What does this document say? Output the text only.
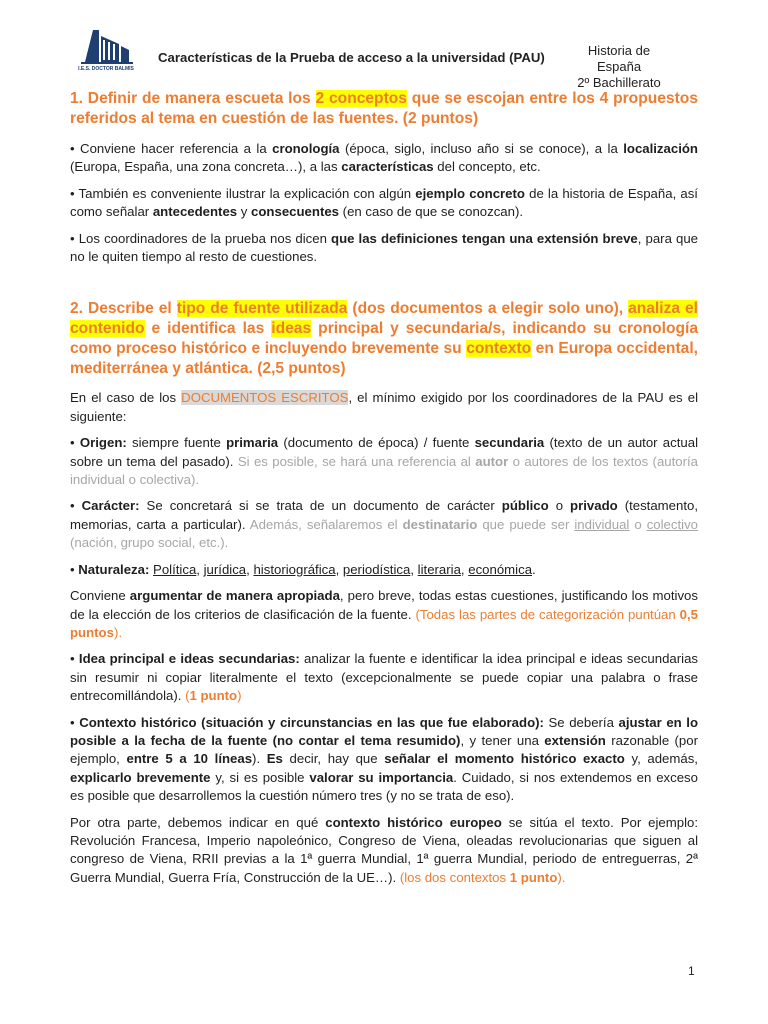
I.E.S. DOCTOR BALMIS
Características de la Prueba de acceso a la universidad (PAU)	Historia de España
2º Bachillerato
1. Definir de manera escueta los 2 conceptos que se escojan entre los 4 propuestos referidos al tema en cuestión de las fuentes. (2 puntos)
• Conviene hacer referencia a la cronología (época, siglo, incluso año si se conoce), a la localización (Europa, España, una zona concreta…), a las características del concepto, etc.
• También es conveniente ilustrar la explicación con algún ejemplo concreto de la historia de España, así como señalar antecedentes y consecuentes (en caso de que se conozcan).
• Los coordinadores de la prueba nos dicen que las definiciones tengan una extensión breve, para que no le quiten tiempo al resto de cuestiones.
2. Describe el tipo de fuente utilizada (dos documentos a elegir solo uno), analiza el contenido e identifica las ideas principal y secundaria/s, indicando su cronología como proceso histórico e incluyendo brevemente su contexto en Europa occidental, mediterránea y atlántica. (2,5 puntos)
En el caso de los DOCUMENTOS ESCRITOS, el mínimo exigido por los coordinadores de la PAU es el siguiente:
• Origen: siempre fuente primaria (documento de época) / fuente secundaria (texto de un autor actual sobre un tema del pasado). Si es posible, se hará una referencia al autor o autores de los textos (autoría individual o colectiva).
• Carácter: Se concretará si se trata de un documento de carácter público o privado (testamento, memorias, carta a particular). Además, señalaremos el destinatario que puede ser individual o colectivo (nación, grupo social, etc.).
• Naturaleza: Política, jurídica, historiográfica, periodística, literaria, económica.
Conviene argumentar de manera apropiada, pero breve, todas estas cuestiones, justificando los motivos de la elección de los criterios de clasificación de la fuente. (Todas las partes de categorización puntúan 0,5 puntos).
• Idea principal e ideas secundarias: analizar la fuente e identificar la idea principal e ideas secundarias sin resumir ni copiar literalmente el texto (excepcionalmente se puede copiar una palabra o frase entrecomillándola). (1 punto)
• Contexto histórico (situación y circunstancias en las que fue elaborado): Se debería ajustar en lo posible a la fecha de la fuente (no contar el tema resumido), y tener una extensión razonable (por ejemplo, entre 5 a 10 líneas). Es decir, hay que señalar el momento histórico exacto y, además, explicarlo brevemente y, si es posible valorar su importancia. Cuidado, si nos extendemos en exceso es posible que desarrollemos la cuestión número tres (y no se trata de eso).
Por otra parte, debemos indicar en qué contexto histórico europeo se sitúa el texto. Por ejemplo: Revolución Francesa, Imperio napoleónico, Congreso de Viena, oleadas revolucionarias que siguen al congreso de Viena, RRII previas a la 1ª guerra Mundial, 1ª guerra Mundial, periodo de entreguerras, 2ª Guerra Mundial, Guerra Fría, Construcción de la UE…). (los dos contextos 1 punto).
1
